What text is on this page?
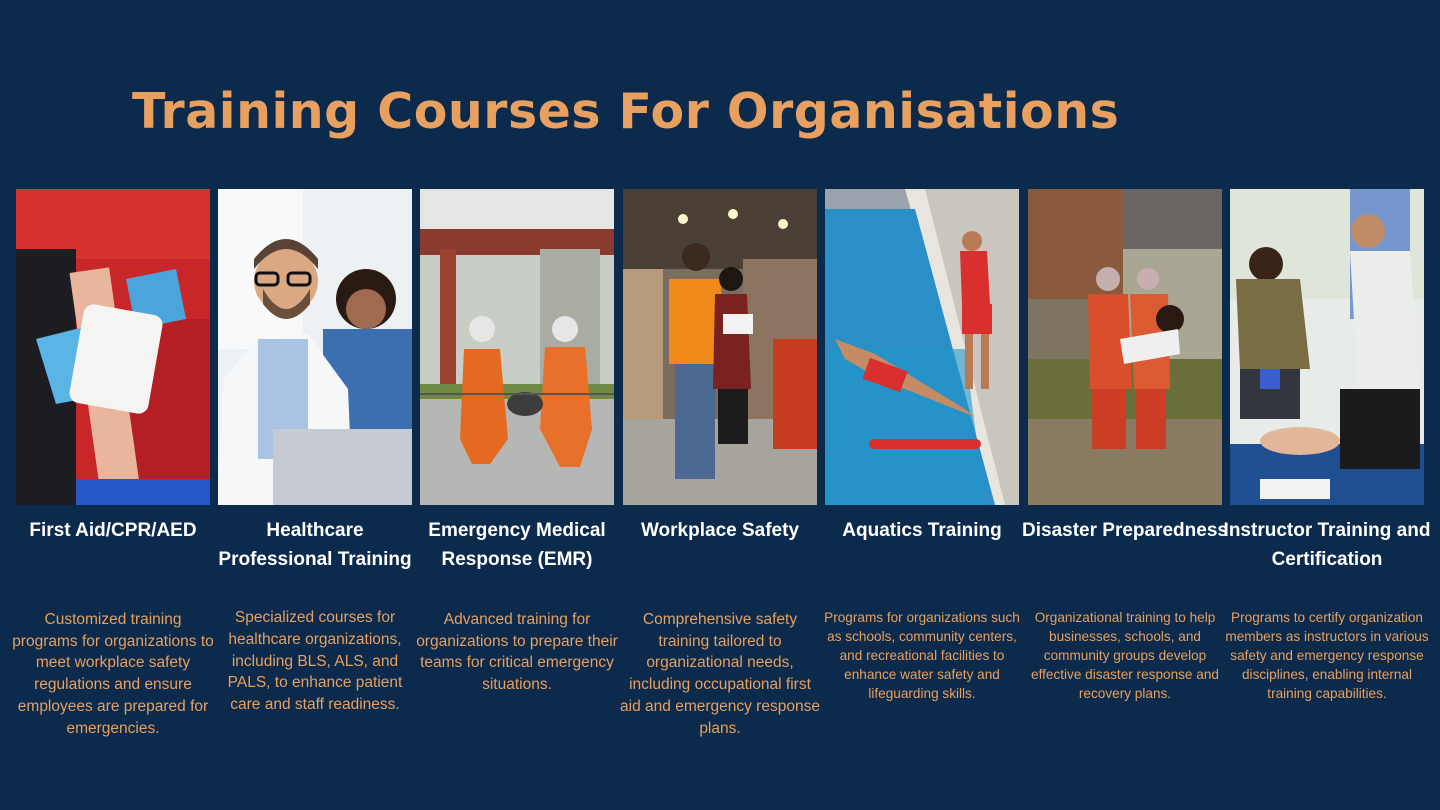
Training Courses For Organisations
First Aid/CPR/AED

Customized training programs for organizations to meet workplace safety regulations and ensure employees are prepared for emergencies.

Healthcare Professional Training

Specialized courses for healthcare organizations, including BLS, ALS, and PALS, to enhance patient care and staff readiness.

Emergency Medical Response (EMR)

Advanced training for organizations to prepare their teams for critical emergency situations.

Workplace Safety

Comprehensive safety training tailored to organizational needs, including occupational first aid and emergency response plans.

Aquatics Training

Programs for organizations such as schools, community centers, and recreational facilities to enhance water safety and lifeguarding skills.

Disaster Preparedness

Organizational training to help businesses, schools, and community groups develop effective disaster response and recovery plans.

Instructor Training and Certification

Programs to certify organization members as instructors in various safety and emergency response disciplines, enabling internal training capabilities.
